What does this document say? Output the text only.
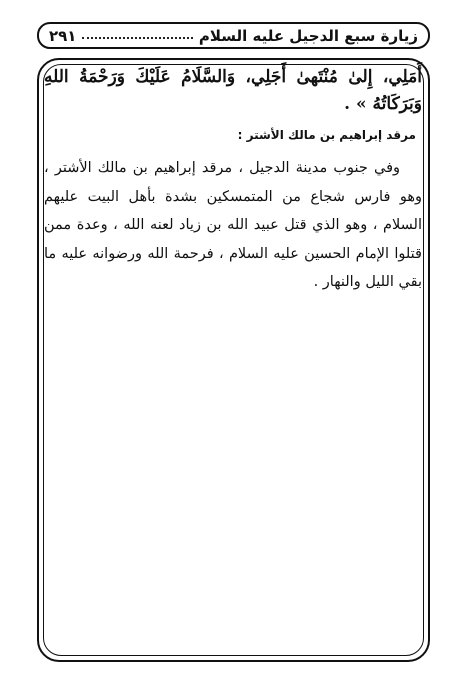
زيارة سبع الدجيل عليه السلام
٢٩١

أَمَلِي، إِلىٰ مُنْتَهىٰ أَجَلِي، وَالسَّلَامُ عَلَيْكَ وَرَحْمَةُ اللهِ وَبَرَكَاتُهُ » .

مرقد إبراهيم بن مالك الأشتر :

وفي جنوب مدينة الدجيل ، مرقد إبراهيم بن مالك الأشتر ، وهو فارس شجاع من المتمسكين بشدة بأهل البيت عليهم السلام ، وهو الذي قتل عبيد الله بن زياد لعنه الله ، وعدة ممن قتلوا الإمام الحسين عليه السلام ، فرحمة الله ورضوانه عليه ما بقي الليل والنهار .
